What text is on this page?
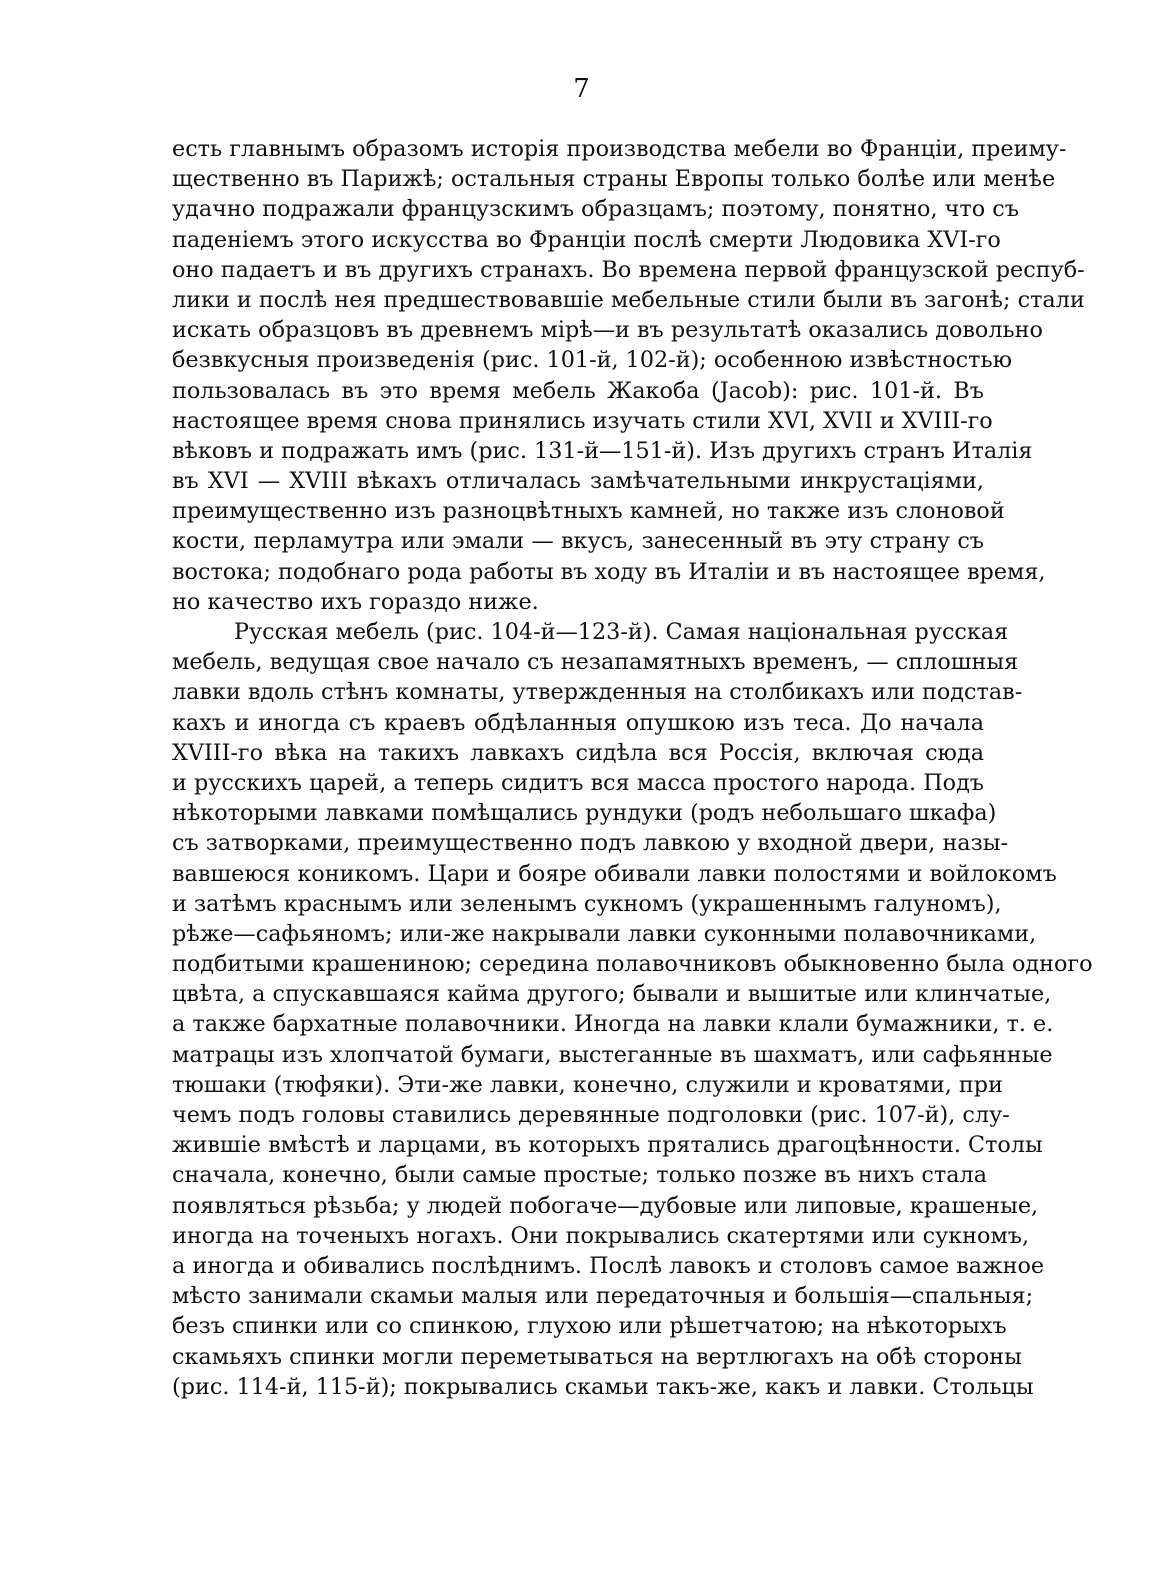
7
есть главнымъ образомъ исторія производства мебели во Франціи, преиму-
щественно въ Парижѣ; остальныя страны Европы только болѣе или менѣе
удачно подражали французскимъ образцамъ; поэтому, понятно, что съ
паденіемъ этого искусства во Франціи послѣ смерти Людовика XVI-го
оно падаетъ и въ другихъ странахъ. Во времена первой французской респуб-
лики и послѣ нея предшествовавшіе мебельные стили были въ загонѣ; стали
искать образцовъ въ древнемъ мірѣ—и въ результатѣ оказались довольно
безвкусныя произведенія (рис. 101-й, 102-й); особенною извѣстностью
пользовалась въ это время мебель Жакоба (Jacob): рис. 101-й. Въ
настоящее время снова принялись изучать стили XVI, XVII и XVIII-го
вѣковъ и подражать имъ (рис. 131-й—151-й). Изъ другихъ странъ Италія
въ XVI — XVIII вѣкахъ отличалась замѣчательными инкрустаціями,
преимущественно изъ разноцвѣтныхъ камней, но также изъ слоновой
кости, перламутра или эмали — вкусъ, занесенный въ эту страну съ
востока; подобнаго рода работы въ ходу въ Италіи и въ настоящее время,
но качество ихъ гораздо ниже.
Русская мебель (рис. 104-й—123-й). Самая національная русская
мебель, ведущая свое начало съ незапамятныхъ временъ, — сплошныя
лавки вдоль стѣнъ комнаты, утвержденныя на столбикахъ или подстав-
кахъ и иногда съ краевъ обдѣланныя опушкою изъ теса. До начала
XVIII-го вѣка на такихъ лавкахъ сидѣла вся Россія, включая сюда
и русскихъ царей, а теперь сидитъ вся масса простого народа. Подъ
нѣкоторыми лавками помѣщались рундуки (родъ небольшаго шкафа)
съ затворками, преимущественно подъ лавкою у входной двери, назы-
вавшеюся коникомъ. Цари и бояре обивали лавки полостями и войлокомъ
и затѣмъ краснымъ или зеленымъ сукномъ (украшеннымъ галуномъ),
рѣже—сафьяномъ; или-же накрывали лавки суконными полавочниками,
подбитыми крашениною; середина полавочниковъ обыкновенно была одного
цвѣта, а спускавшаяся кайма другого; бывали и вышитые или клинчатые,
а также бархатные полавочники. Иногда на лавки клали бумажники, т. е.
матрацы изъ хлопчатой бумаги, выстеганные въ шахматъ, или сафьянные
тюшаки (тюфяки). Эти-же лавки, конечно, служили и кроватями, при
чемъ подъ головы ставились деревянные подголовки (рис. 107-й), слу-
жившіе вмѣстѣ и ларцами, въ которыхъ прятались драгоцѣнности. Столы
сначала, конечно, были самые простые; только позже въ нихъ стала
появляться рѣзьба; у людей побогаче—дубовые или липовые, крашеные,
иногда на точеныхъ ногахъ. Они покрывались скатертями или сукномъ,
а иногда и обивались послѣднимъ. Послѣ лавокъ и столовъ самое важное
мѣсто занимали скамьи малыя или передаточныя и большія—спальныя;
безъ спинки или со спинкою, глухою или рѣшетчатою; на нѣкоторыхъ
скамьяхъ спинки могли переметываться на вертлюгахъ на обѣ стороны
(рис. 114-й, 115-й); покрывались скамьи такъ-же, какъ и лавки. Стольцы
